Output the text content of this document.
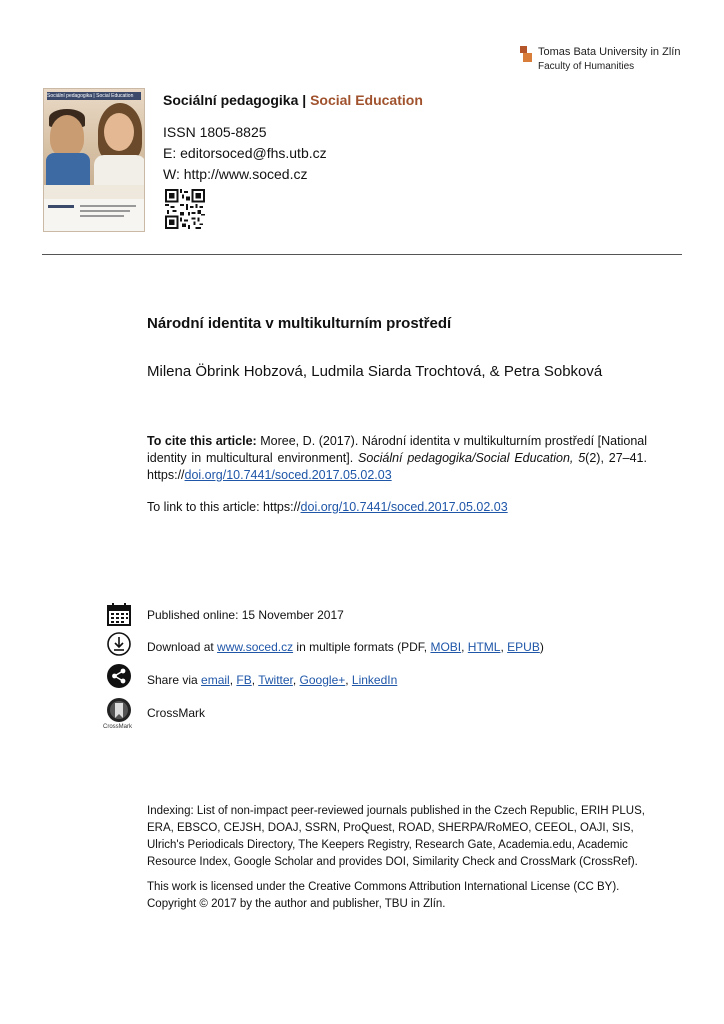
Tomas Bata University in Zlín
Faculty of Humanities
Sociální pedagogika | Social Education	Sociální pedagogika | Social Education
ISSN 1805-8825
E: editorsoced@fhs.utb.cz
W: http://www.soced.cz
Národní identita v multikulturním prostředí
Milena Öbrink Hobzová, Ludmila Siarda Trochtová, & Petra Sobková
To cite this article: Moree, D. (2017). Národní identita v multikulturním prostředí [National identity in multicultural environment]. Sociální pedagogika/Social Education, 5(2), 27–41. https://doi.org/10.7441/soced.2017.05.02.03
To link to this article: https://doi.org/10.7441/soced.2017.05.02.03
CrossMark
Published online: 15 November 2017
Download at www.soced.cz in multiple formats (PDF, MOBI, HTML, EPUB)
Share via email, FB, Twitter, Google+, LinkedIn
CrossMark
Indexing: List of non-impact peer-reviewed journals published in the Czech Republic, ERIH PLUS, ERA, EBSCO, CEJSH, DOAJ, SSRN, ProQuest, ROAD, SHERPA/RoMEO, CEEOL, OAJI, SIS, Ulrich's Periodicals Directory, The Keepers Registry, Research Gate, Academia.edu, Academic Resource Index, Google Scholar and provides DOI, Similarity Check and CrossMark (CrossRef).
This work is licensed under the Creative Commons Attribution International License (CC BY). Copyright © 2017 by the author and publisher, TBU in Zlín.
